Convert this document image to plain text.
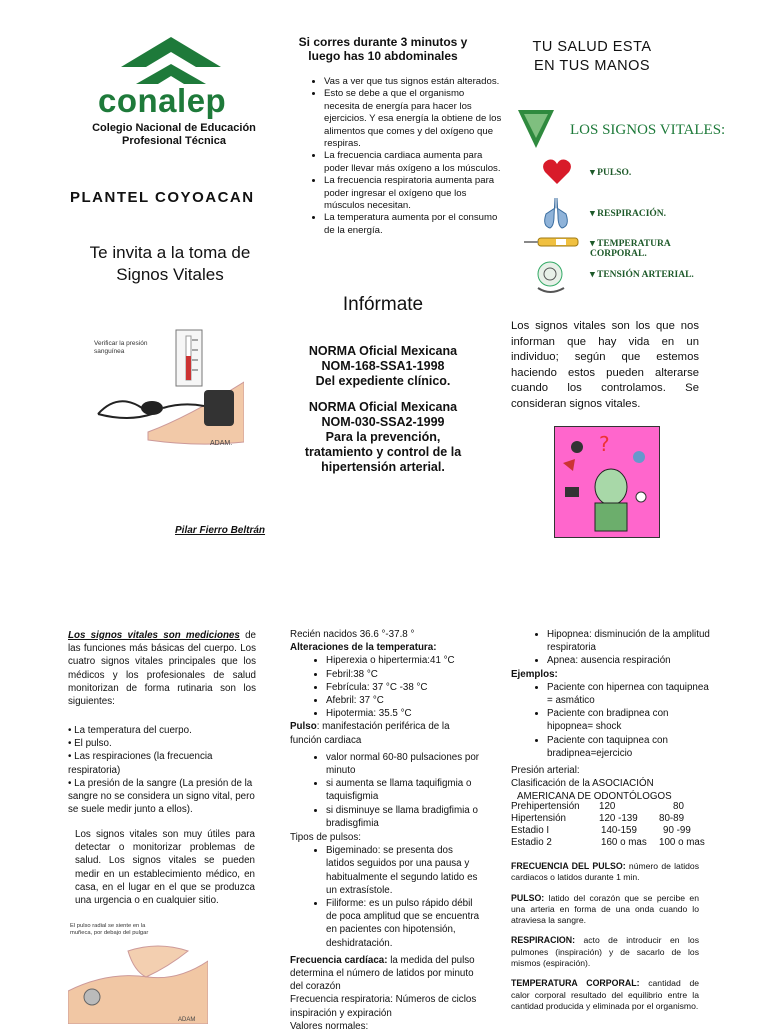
conalep
Colegio Nacional de Educación
Profesional Técnica
PLANTEL COYOACAN
Te invita a la toma de
Signos Vitales
Verificar la presión
sanguínea
ADAM.
Pilar Fierro Beltrán
Si corres durante 3 minutos y
luego has 10 abdominales
• Vas a ver que tus signos están alterados.
• Esto se debe a que el organismo necesita de energía para hacer los ejercicios. Y esa energía la obtiene de los alimentos que comes y del oxígeno que respiras.
• La frecuencia cardiaca aumenta para poder llevar más oxígeno a los músculos.
• La frecuencia respiratoria aumenta para poder ingresar el oxígeno que los músculos necesitan.
• La temperatura aumenta por el consumo de la energía.
Infórmate
NORMA Oficial Mexicana
NOM-168-SSA1-1998
Del expediente clínico.
NORMA Oficial Mexicana
NOM-030-SSA2-1999
Para la prevención,
tratamiento y control de la
hipertensión arterial.
TU SALUD ESTA
EN TUS MANOS
LOS SIGNOS VITALES:
▾ PULSO.
▾ RESPIRACIÓN.
▾ TEMPERATURA CORPORAL.
▾ TENSIÓN ARTERIAL.
Los signos vitales son los que nos informan que hay vida en un individuo; según que estemos haciendo estos pueden alterarse cuando los controlamos. Se consideran signos vitales.
?
Los signos vitales son mediciones de las funciones más básicas del cuerpo. Los cuatro signos vitales principales que los médicos y los profesionales de salud monitorizan de forma rutinaria son los siguientes:
• La temperatura del cuerpo.
• El pulso.
• Las respiraciones (la frecuencia respiratoria)
• La presión de la sangre (La presión de la sangre no se considera un signo vital, pero se suele medir junto a ellos).
Los signos vitales son muy útiles para detectar o monitorizar problemas de salud. Los signos vitales se pueden medir en un establecimiento médico, en casa, en el lugar en el que se produzca una urgencia o en cualquier sitio.
El pulso radial se siente en la
muñeca, por debajo del pulgar
ADAM
Recién nacidos 36.6 °-37.8 °
Alteraciones de la temperatura:
• Hiperexia o hipertermia:41 °C
• Febril:38 °C
• Febrícula: 37 °C -38 °C
• Afebril: 37 °C
• Hipotermia: 35.5 °C
Pulso: manifestación periférica de la función cardiaca
• valor normal 60-80 pulsaciones por minuto
• si aumenta se llama taquifigmia o taquisfigmia
• si disminuye se llama bradigfimia o bradisgfimia
Tipos de pulsos:
• Bigeminado: se presenta dos latidos seguidos por una pausa y habitualmente el segundo latido es un extrasístole.
• Filiforme: es un pulso rápido débil de poca amplitud que se encuentra en pacientes con hipotensión, deshidratación.
Frecuencia cardíaca: la medida del pulso determina el número de latidos por minuto del corazón
Frecuencia respiratoria: Números de ciclos inspiración y expiración
Valores normales:
• Hipopnea: disminución de la amplitud respiratoria
• Apnea: ausencia respiración
Ejemplos:
• Paciente con hipernea con taquipnea = asmático
• Paciente con bradipnea con hipopnea= shock
• Paciente con taquipnea con bradipnea=ejercicio
Presión arterial:
Clasificación de la ASOCIACIÓN
AMERICANA DE ODONTÓLOGOS
Prehipertensión	120	80
Hipertensión	120 -139	80-89
Estadio I	140-159	90 -99
Estadio 2	160 o mas	100 o mas
FRECUENCIA DEL PULSO: número de latidos cardiacos o latidos durante 1 min.
PULSO: latido del corazón que se percibe en una arteria en forma de una onda cuando lo atraviesa la sangre.
RESPIRACION: acto de introducir en los pulmones (inspiración) y de sacarlo de los mismos (espiración).
TEMPERATURA CORPORAL: cantidad de calor corporal resultado del equilibrio entre la cantidad producida y eliminada por el organismo.
